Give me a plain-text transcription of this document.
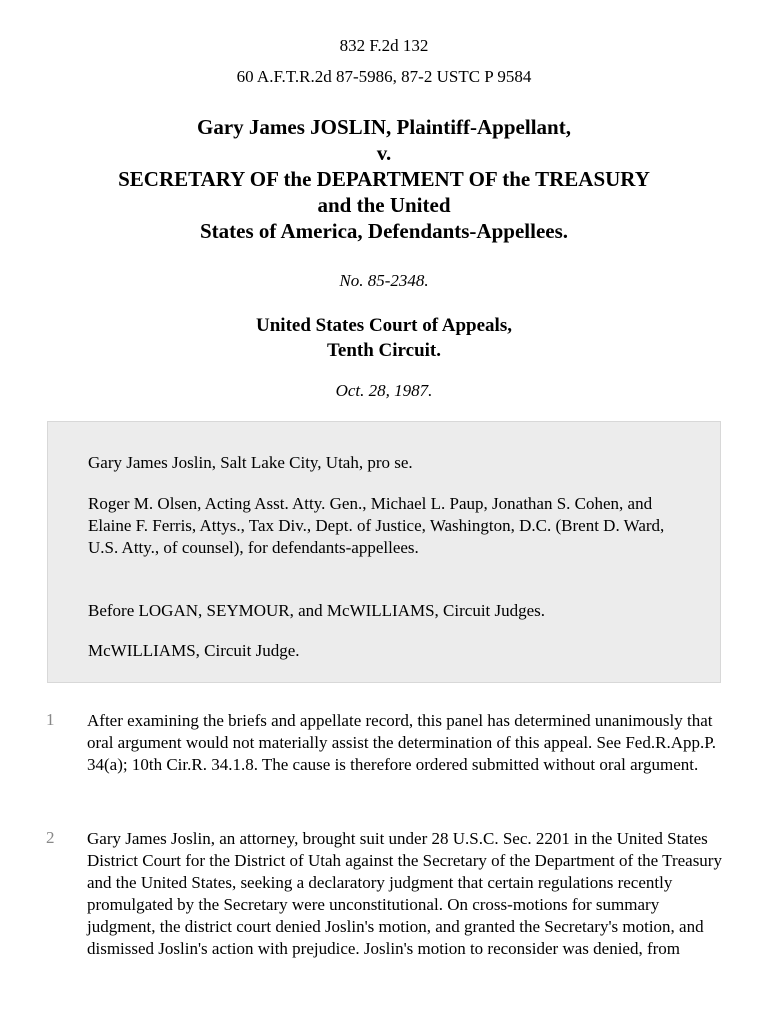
832 F.2d 132
60 A.F.T.R.2d 87-5986, 87-2 USTC P 9584
Gary James JOSLIN, Plaintiff-Appellant,
v.
SECRETARY OF the DEPARTMENT OF the TREASURY
and the United
States of America, Defendants-Appellees.
No. 85-2348.
United States Court of Appeals,
Tenth Circuit.
Oct. 28, 1987.

Gary James Joslin, Salt Lake City, Utah, pro se.

Roger M. Olsen, Acting Asst. Atty. Gen., Michael L. Paup, Jonathan S. Cohen, and Elaine F. Ferris, Attys., Tax Div., Dept. of Justice, Washington, D.C. (Brent D. Ward, U.S. Atty., of counsel), for defendants-appellees.

Before LOGAN, SEYMOUR, and McWILLIAMS, Circuit Judges.

McWILLIAMS, Circuit Judge.

1 After examining the briefs and appellate record, this panel has determined unanimously that oral argument would not materially assist the determination of this appeal. See Fed.R.App.P. 34(a); 10th Cir.R. 34.1.8. The cause is therefore ordered submitted without oral argument.

2 Gary James Joslin, an attorney, brought suit under 28 U.S.C. Sec. 2201 in the United States District Court for the District of Utah against the Secretary of the Department of the Treasury and the United States, seeking a declaratory judgment that certain regulations recently promulgated by the Secretary were unconstitutional. On cross-motions for summary judgment, the district court denied Joslin's motion, and granted the Secretary's motion, and dismissed Joslin's action with prejudice. Joslin's motion to reconsider was denied, from
